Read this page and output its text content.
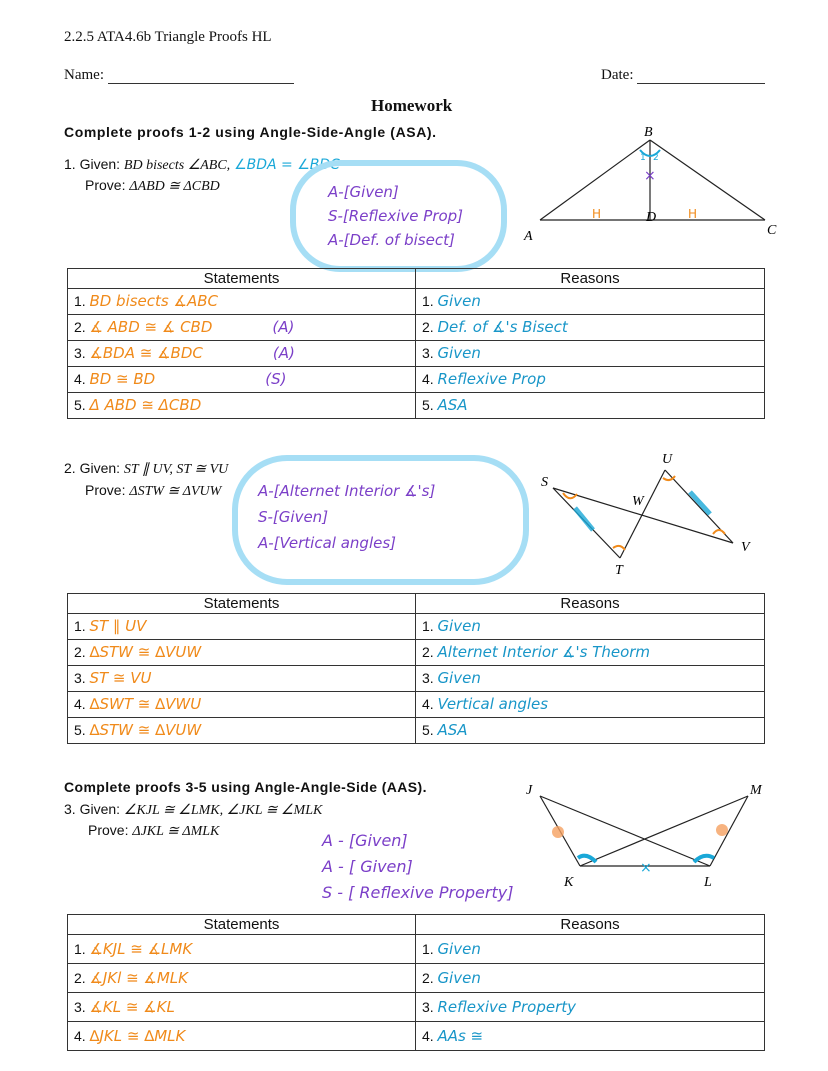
2.2.5 ATA4.6b Triangle Proofs HL
Name:	Date:
Homework
Complete proofs 1-2 using Angle-Side-Angle (ASA).
1. Given: BD bisects ∠ABC, ∠BDA = ∠BDC
Prove: ΔABD ≅ ΔCBD	A-[Given]
S-[Reflexive Prop]
A-[Def. of bisect]
1 2
×
H	H
B
A
D
C
Statements	Reasons
1. BD bisects ∡ABC	1. Given
2. ∡ ABD ≅ ∡ CBD (A)	2. Def. of ∡'s Bisect
3. ∡BDA ≅ ∡BDC (A)	3. Given
4. BD ≅ BD (S)	4. Reflexive Prop
5. Δ ABD ≅ ΔCBD	5. ASA
2. Given: ST ∥ UV, ST ≅ VU
Prove: ΔSTW ≅ ΔVUW A-[Alternet Interior ∡'s]
S-[Given]
A-[Vertical angles]
S
U
W
T
V
Statements	Reasons
1. ST ∥ UV	1. Given
2. ∆STW ≅ ∆VUW	2. Alternet Interior ∡'s Theorm
3. ST ≅ VU	3. Given
4. ∆SWT ≅ ∆VWU	4. Vertical angles
5. ∆STW ≅ ∆VUW	5. ASA
Complete proofs 3-5 using Angle-Angle-Side (AAS).
3. Given: ∠KJL ≅ ∠LMK, ∠JKL ≅ ∠MLK
Prove: ΔJKL ≅ ΔMLK	A - [Given]
A - [ Given]
S - [ Reflexive Property]
×
J	M
K	L
Statements	Reasons
1. ∡KJL ≅ ∡LMK	1. Given
2. ∡JKl ≅ ∡MLK	2. Given
3. ∡KL ≅ ∡KL	3. Reflexive Property
4. ∆JKL ≅ ∆MLK	4. AAs ≅
